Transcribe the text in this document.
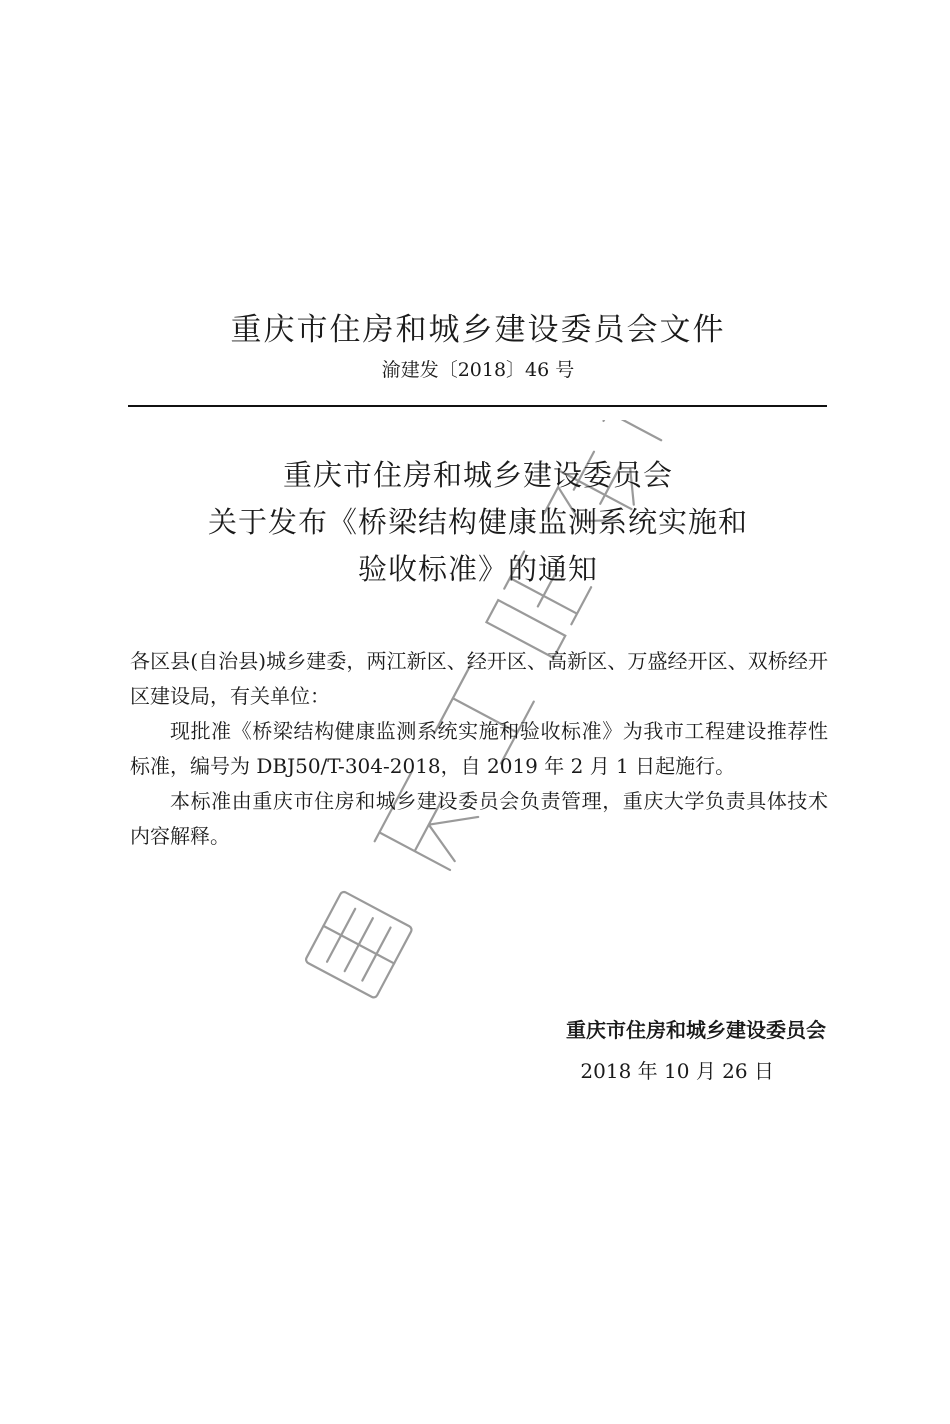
重庆市住房和城乡建设委员会文件
渝建发〔2018〕46 号
重庆市住房和城乡建设委员会
关于发布《桥梁结构健康监测系统实施和
验收标准》的通知

各区县(自治县)城乡建委，两江新区、经开区、高新区、万盛经开区、双桥经开区建设局，有关单位：

现批准《桥梁结构健康监测系统实施和验收标准》为我市工程建设推荐性标准，编号为 DBJ50/T-304-2018，自 2019 年 2 月 1 日起施行。

本标准由重庆市住房和城乡建设委员会负责管理，重庆大学负责具体技术内容解释。

重庆市住房和城乡建设委员会
2018 年 10 月 26 日
